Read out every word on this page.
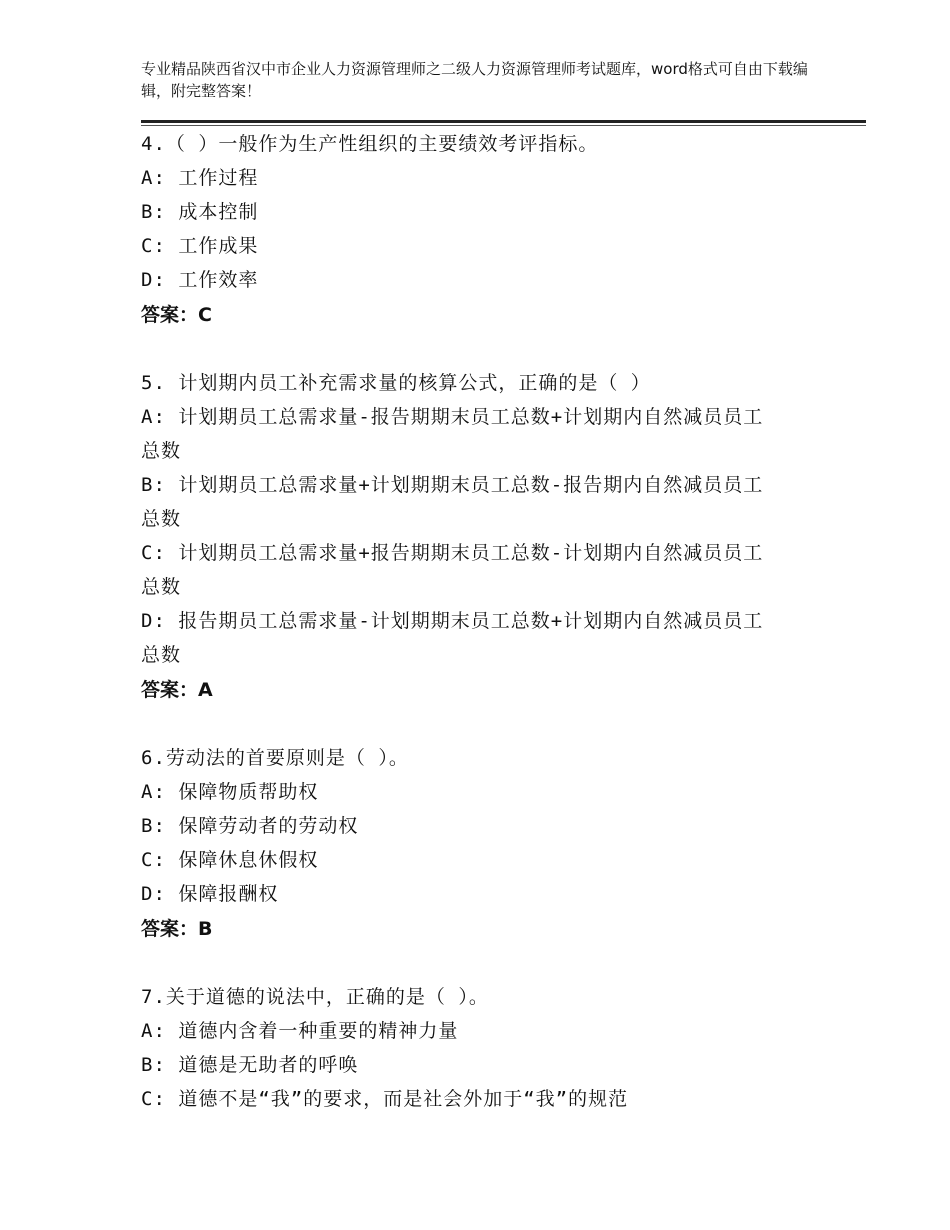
专业精品陕西省汉中市企业人力资源管理师之二级人力资源管理师考试题库，word格式可自由下载编辑，附完整答案！
4.（ ）一般作为生产性组织的主要绩效考评指标。
A: 工作过程
B: 成本控制
C: 工作成果
D: 工作效率
答案：C
5. 计划期内员工补充需求量的核算公式，正确的是（ ）
A: 计划期员工总需求量-报告期期末员工总数+计划期内自然减员员工
总数
B: 计划期员工总需求量+计划期期末员工总数-报告期内自然减员员工
总数
C: 计划期员工总需求量+报告期期末员工总数-计划期内自然减员员工
总数
D: 报告期员工总需求量-计划期期末员工总数+计划期内自然减员员工
总数
答案：A
6.劳动法的首要原则是（ ）。
A: 保障物质帮助权
B: 保障劳动者的劳动权
C: 保障休息休假权
D: 保障报酬权
答案：B
7.关于道德的说法中，正确的是（ ）。
A: 道德内含着一种重要的精神力量
B: 道德是无助者的呼唤
C: 道德不是“我”的要求，而是社会外加于“我”的规范
